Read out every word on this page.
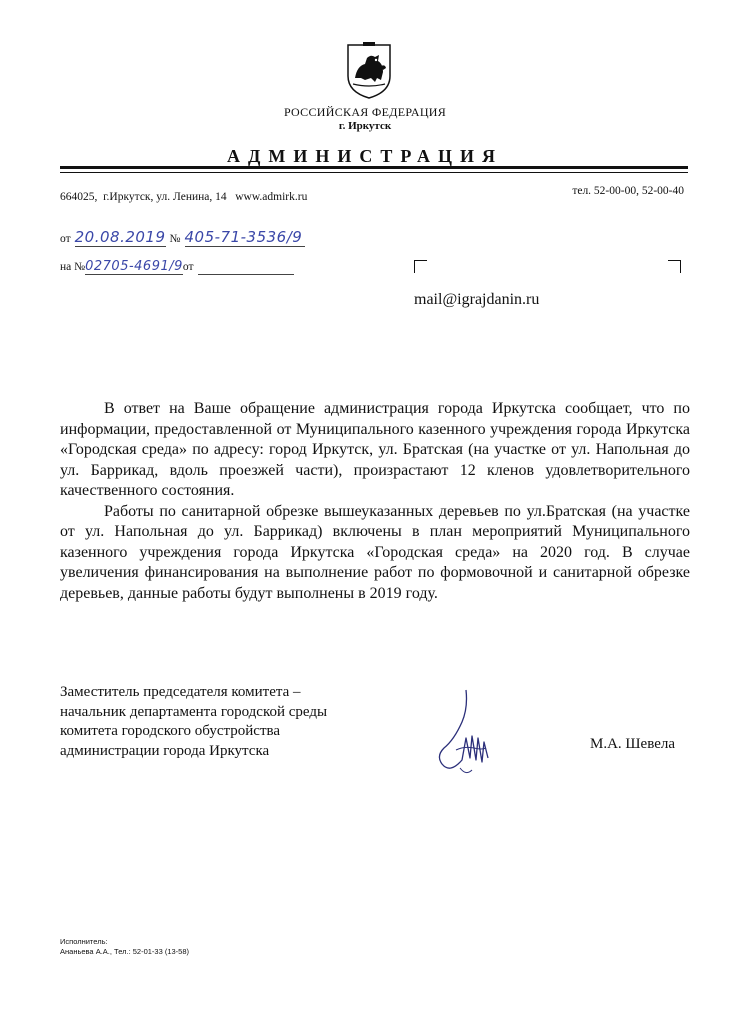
РОССИЙСКАЯ ФЕДЕРАЦИЯ
г. Иркутск
АДМИНИСТРАЦИЯ
664025,  г.Иркутск, ул. Ленина, 14   www.admirk.ru	тел. 52-00-00, 52-00-40
от 20.08.2019 № 405-71-3536/9
на №02705-4691/9от
mail@igrajdanin.ru

В ответ на Ваше обращение администрация города Иркутска сообщает, что по информации, предоставленной от Муниципального казенного учреждения города Иркутска «Городская среда» по адресу: город Иркутск, ул. Братская (на участке от ул. Напольная до ул. Баррикад, вдоль проезжей части), произрастают 12 кленов удовлетворительного качественного состояния.

Работы по санитарной обрезке вышеуказанных деревьев по ул.Братская (на участке от ул. Напольная до ул. Баррикад) включены в план мероприятий Муниципального казенного учреждения города Иркутска «Городская среда» на 2020 год. В случае увеличения финансирования на выполнение работ по формовочной и санитарной обрезке деревьев, данные работы будут выполнены в 2019 году.

Заместитель председателя комитета –
начальник департамента городской среды
комитета городского обустройства
администрации города Иркутска	М.А. Шевела
Исполнитель:
Ананьева А.А., Тел.: 52-01-33 (13-58)
